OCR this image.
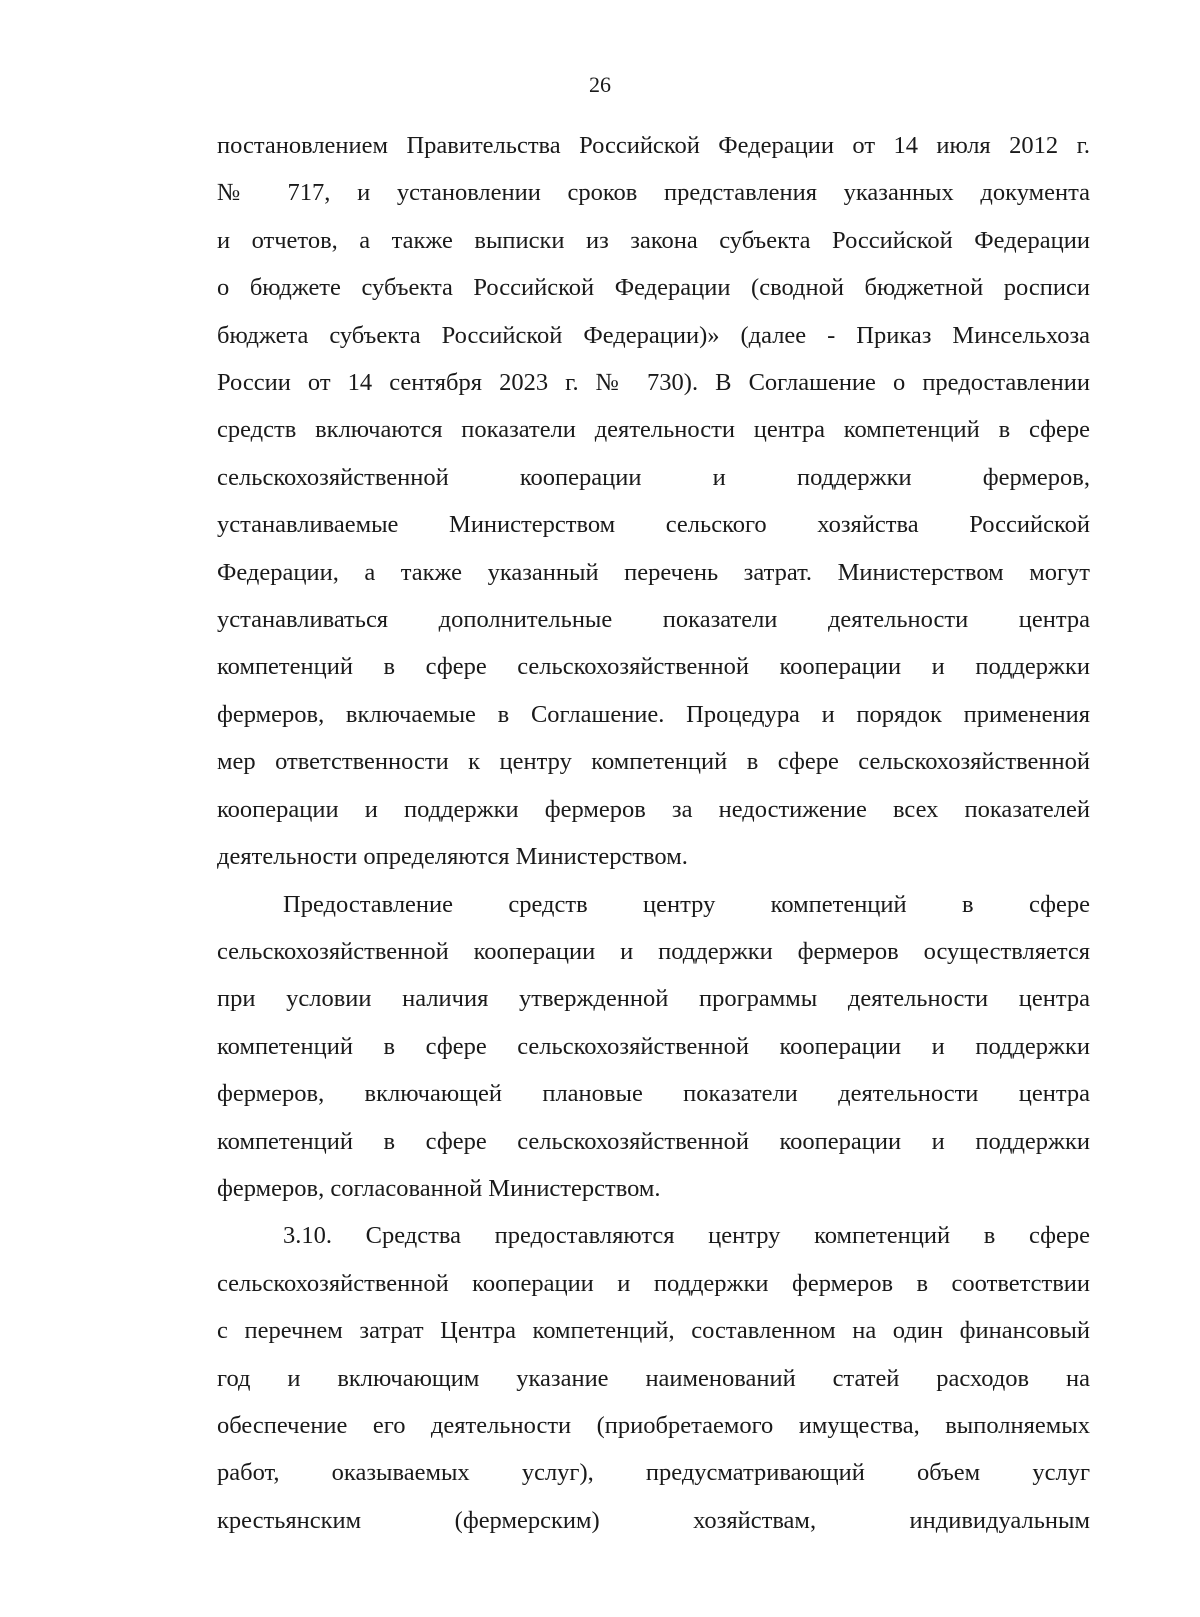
26

постановлением Правительства Российской Федерации от 14 июля 2012 г.
№ 717, и установлении сроков представления указанных документа
и отчетов, а также выписки из закона субъекта Российской Федерации
о бюджете субъекта Российской Федерации (сводной бюджетной росписи
бюджета субъекта Российской Федерации)» (далее - Приказ Минсельхоза
России от 14 сентября 2023 г. № 730). В Соглашение о предоставлении
средств включаются показатели деятельности центра компетенций в сфере
сельскохозяйственной кооперации и поддержки фермеров,
устанавливаемые Министерством сельского хозяйства Российской
Федерации, а также указанный перечень затрат. Министерством могут
устанавливаться дополнительные показатели деятельности центра
компетенций в сфере сельскохозяйственной кооперации и поддержки
фермеров, включаемые в Соглашение. Процедура и порядок применения
мер ответственности к центру компетенций в сфере сельскохозяйственной
кооперации и поддержки фермеров за недостижение всех показателей
деятельности определяются Министерством.

Предоставление средств центру компетенций в сфере
сельскохозяйственной кооперации и поддержки фермеров осуществляется
при условии наличия утвержденной программы деятельности центра
компетенций в сфере сельскохозяйственной кооперации и поддержки
фермеров, включающей плановые показатели деятельности центра
компетенций в сфере сельскохозяйственной кооперации и поддержки
фермеров, согласованной Министерством.

3.10. Средства предоставляются центру компетенций в сфере
сельскохозяйственной кооперации и поддержки фермеров в соответствии
с перечнем затрат Центра компетенций, составленном на один финансовый
год и включающим указание наименований статей расходов на
обеспечение его деятельности (приобретаемого имущества, выполняемых
работ, оказываемых услуг), предусматривающий объем услуг
крестьянским (фермерским) хозяйствам, индивидуальным
